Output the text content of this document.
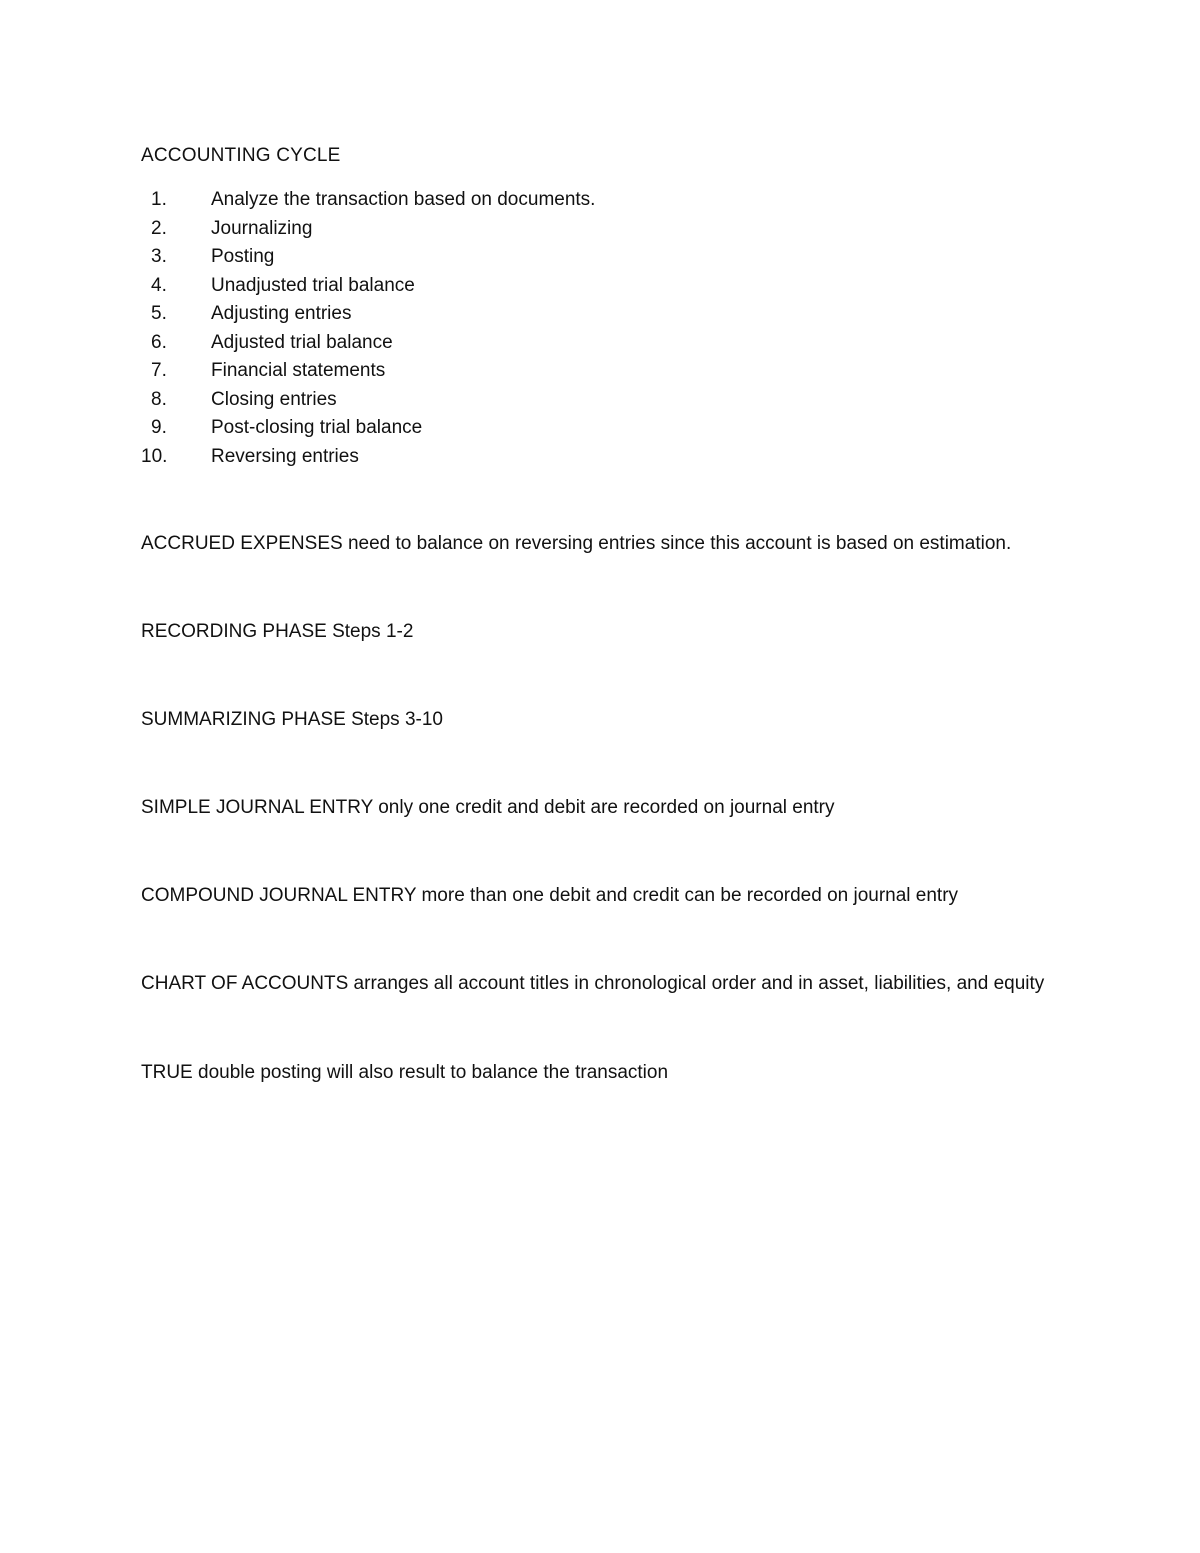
ACCOUNTING CYCLE
1.	Analyze the transaction based on documents.
2.	Journalizing
3.	Posting
4.	Unadjusted trial balance
5.	Adjusting entries
6.	Adjusted trial balance
7.	Financial statements
8.	Closing entries
9.	Post-closing trial balance
10.	Reversing entries

ACCRUED EXPENSES need to balance on reversing entries since this account is based on estimation.

RECORDING PHASE Steps 1-2

SUMMARIZING PHASE Steps 3-10

SIMPLE JOURNAL ENTRY only one credit and debit are recorded on journal entry

COMPOUND JOURNAL ENTRY more than one debit and credit can be recorded on journal entry

CHART OF ACCOUNTS arranges all account titles in chronological order and in asset, liabilities, and equity

TRUE double posting will also result to balance the transaction
